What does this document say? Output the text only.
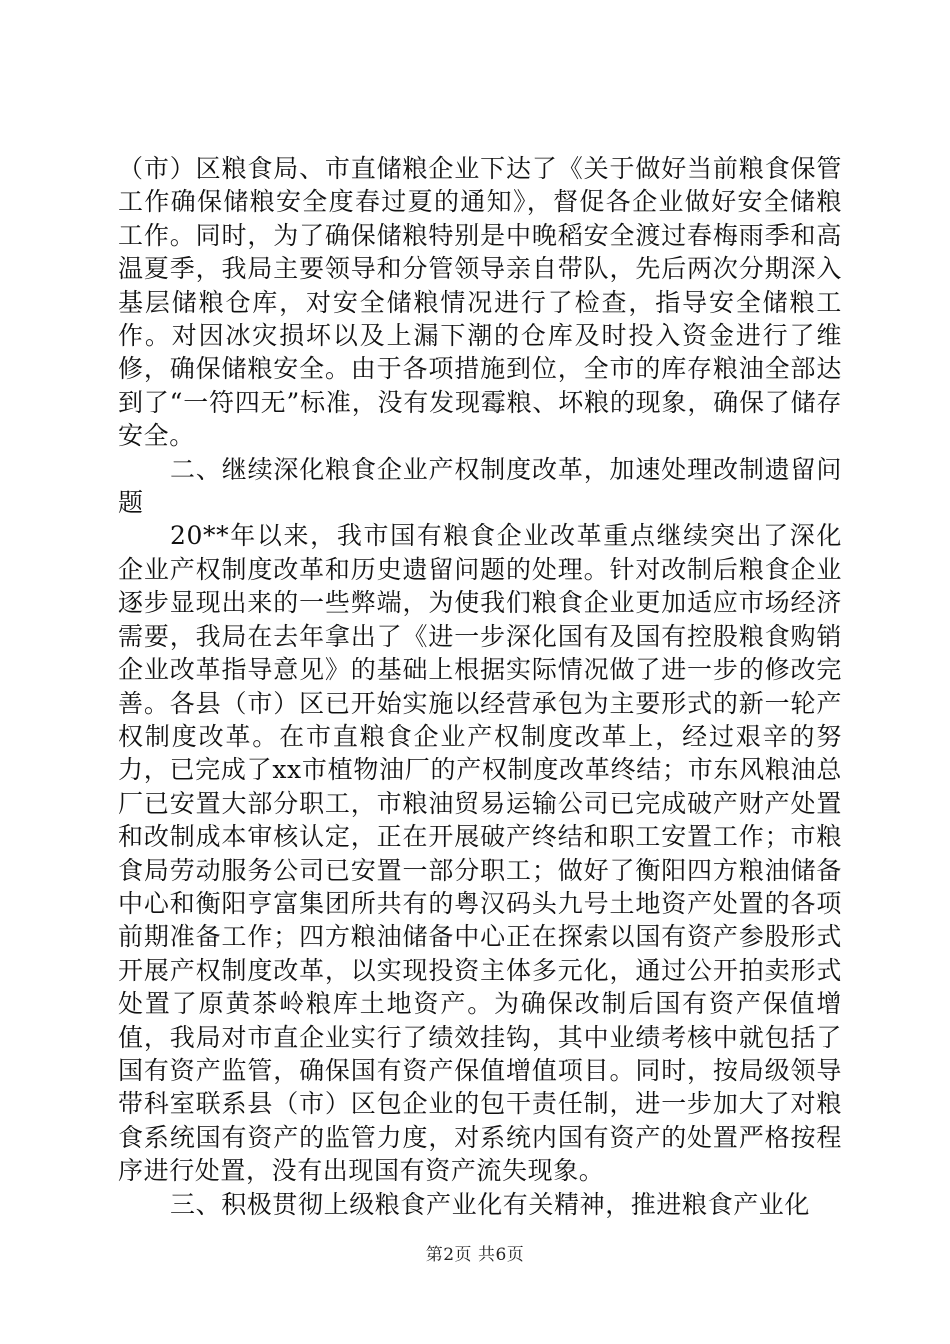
（市）区粮食局、市直储粮企业下达了《关于做好当前粮食保管工作确保储粮安全度春过夏的通知》，督促各企业做好安全储粮工作。同时，为了确保储粮特别是中晚稻安全渡过春梅雨季和高温夏季，我局主要领导和分管领导亲自带队，先后两次分期深入基层储粮仓库，对安全储粮情况进行了检查，指导安全储粮工作。对因冰灾损坏以及上漏下潮的仓库及时投入资金进行了维修，确保储粮安全。由于各项措施到位，全市的库存粮油全部达到了“一符四无”标准，没有发现霉粮、坏粮的现象，确保了储存安全。

二、继续深化粮食企业产权制度改革，加速处理改制遗留问题

20**年以来，我市国有粮食企业改革重点继续突出了深化企业产权制度改革和历史遗留问题的处理。针对改制后粮食企业逐步显现出来的一些弊端，为使我们粮食企业更加适应市场经济需要，我局在去年拿出了《进一步深化国有及国有控股粮食购销企业改革指导意见》的基础上根据实际情况做了进一步的修改完善。各县（市）区已开始实施以经营承包为主要形式的新一轮产权制度改革。在市直粮食企业产权制度改革上，经过艰辛的努力，已完成了xx市植物油厂的产权制度改革终结；市东风粮油总厂已安置大部分职工，市粮油贸易运输公司已完成破产财产处置和改制成本审核认定，正在开展破产终结和职工安置工作；市粮食局劳动服务公司已安置一部分职工；做好了衡阳四方粮油储备中心和衡阳亨富集团所共有的粤汉码头九号土地资产处置的各项前期准备工作；四方粮油储备中心正在探索以国有资产参股形式开展产权制度改革，以实现投资主体多元化，通过公开拍卖形式处置了原黄茶岭粮库土地资产。为确保改制后国有资产保值增值，我局对市直企业实行了绩效挂钩，其中业绩考核中就包括了国有资产监管，确保国有资产保值增值项目。同时，按局级领导带科室联系县（市）区包企业的包干责任制，进一步加大了对粮食系统国有资产的监管力度，对系统内国有资产的处置严格按程序进行处置，没有出现国有资产流失现象。

三、积极贯彻上级粮食产业化有关精神，推进粮食产业化

第2页 共6页
